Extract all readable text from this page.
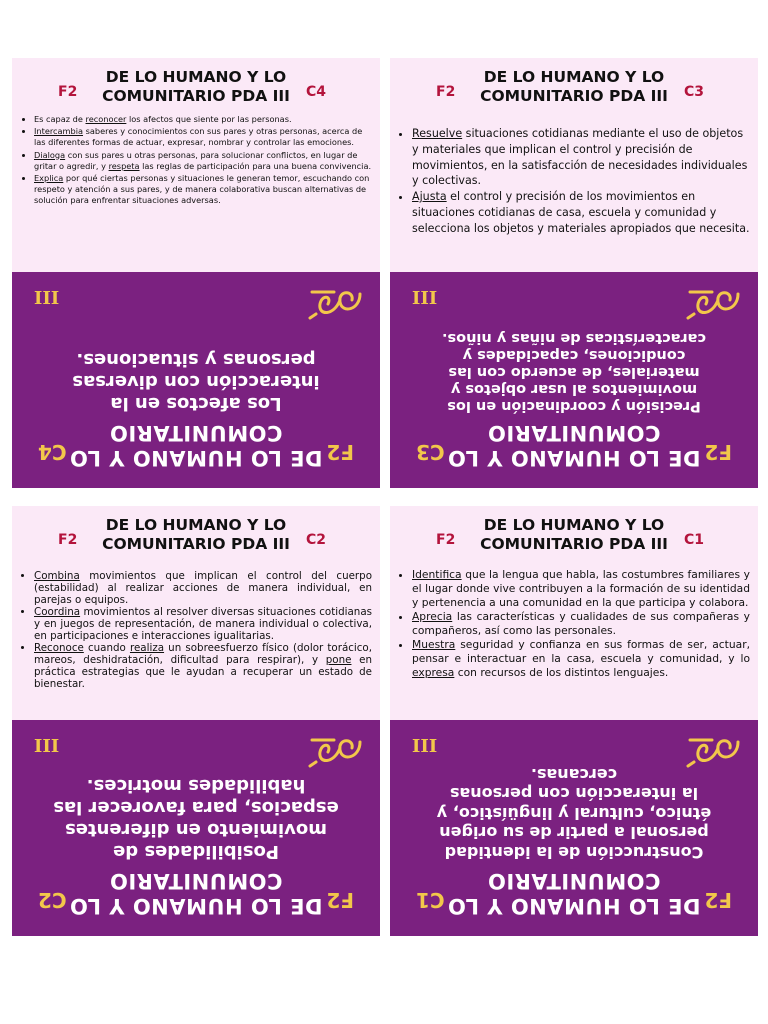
F2
DE LO HUMANO Y LO COMUNITARIO PDA III	C4
• Es capaz de reconocer los afectos que siente por las personas.
• Intercambia saberes y conocimientos con sus pares y otras personas, acerca de las diferentes formas de actuar, expresar, nombrar y controlar las emociones.
• Dialoga con sus pares u otras personas, para solucionar conflictos, en lugar de gritar o agredir, y respeta las reglas de participación para una buena convivencia.
• Explica por qué ciertas personas y situaciones le generan temor, escuchando con respeto y atención a sus pares, y de manera colaborativa buscan alternativas de solución para enfrentar situaciones adversas.
F2
DE LO HUMANO Y LO COMUNITARIO
C4
Los afectos en la interacción con diversas personas y situaciones.
III
F2
DE LO HUMANO Y LO COMUNITARIO PDA III	C3
• Resuelve situaciones cotidianas mediante el uso de objetos y materiales que implican el control y precisión de movimientos, en la satisfacción de necesidades individuales y colectivas.
• Ajusta el control y precisión de los movimientos en situaciones cotidianas de casa, escuela y comunidad y selecciona los objetos y materiales apropiados que necesita.
F2
DE LO HUMANO Y LO COMUNITARIO
C3
Precisión y coordinación en los movimientos al usar objetos y materiales, de acuerdo con las condiciones, capacidades y características de niñas y niños.
III
F2
DE LO HUMANO Y LO COMUNITARIO PDA III	C2
• Combina movimientos que implican el control del cuerpo (estabilidad) al realizar acciones de manera individual, en parejas o equipos.
• Coordina movimientos al resolver diversas situaciones cotidianas y en juegos de representación, de manera individual o colectiva, en participaciones e interacciones igualitarias.
• Reconoce cuando realiza un sobreesfuerzo físico (dolor torácico, mareos, deshidratación, dificultad para respirar), y pone en práctica estrategias que le ayudan a recuperar un estado de bienestar.
F2
DE LO HUMANO Y LO COMUNITARIO
C2
Posibilidades de movimiento en diferentes espacios, para favorecer las habilidades motrices.
III
F2
DE LO HUMANO Y LO COMUNITARIO PDA III	C1
• Identifica que la lengua que habla, las costumbres familiares y el lugar donde vive contribuyen a la formación de su identidad y pertenencia a una comunidad en la que participa y colabora.
• Aprecia las características y cualidades de sus compañeras y compañeros, así como las personales.
• Muestra seguridad y confianza en sus formas de ser, actuar, pensar e interactuar en la casa, escuela y comunidad, y lo expresa con recursos de los distintos lenguajes.
F2
DE LO HUMANO Y LO COMUNITARIO
C1
Construcción de la identidad personal a partir de su origen étnico, cultural y lingüístico, y la interacción con personas cercanas.
III
